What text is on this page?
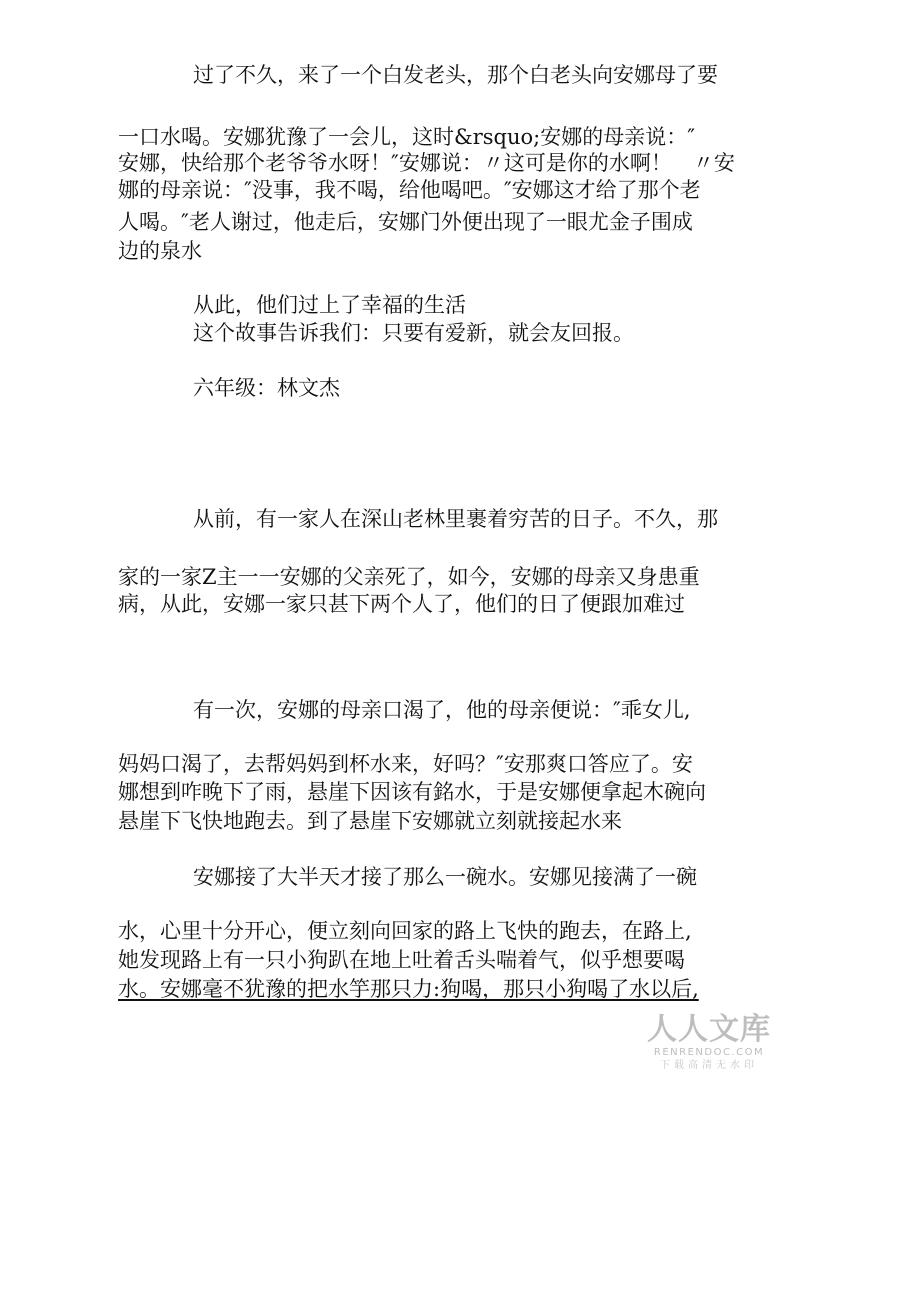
过了不久，来了一个白发老头，那个白老头向安娜母了要
一口水喝。安娜犹豫了一会儿，这时&rsquo;安娜的母亲说：″
安娜，快给那个老爷爷水呀！″安娜说：〃这可是你的水啊！　〃安
娜的母亲说：″没事，我不喝，给他喝吧。″安娜这才给了那个老
人喝。″老人谢过，他走后，安娜门外便出现了一眼尤金子围成
边的泉水
从此，他们过上了幸福的生活
这个故事告诉我们：只要有爱新，就会友回报。
六年级：林文杰
从前，有一家人在深山老林里裹着穷苦的日子。不久，那
家的一家Z主一一安娜的父亲死了，如今，安娜的母亲又身患重
病，从此，安娜一家只甚下两个人了，他们的日了便跟加难过
有一次，安娜的母亲口渴了，他的母亲便说：″乖女儿,
妈妈口渴了，去帮妈妈到杯水来，好吗？″安那爽口答应了。安
娜想到咋晚下了雨，悬崖下因该有銘水，于是安娜便拿起木碗向
悬崖下飞快地跑去。到了悬崖下安娜就立刻就接起水来
安娜接了大半天才接了那么一碗水。安娜见接满了一碗
水，心里十分开心，便立刻向回家的路上飞快的跑去，在路上,
她发现路上有一只小狗趴在地上吐着舌头喘着气，似乎想要喝
水。安娜毫不犹豫的把水竽那只力:狗喝，那只小狗喝了水以后,
人人文库
RENRENDOC.COM
下载高清无水印
